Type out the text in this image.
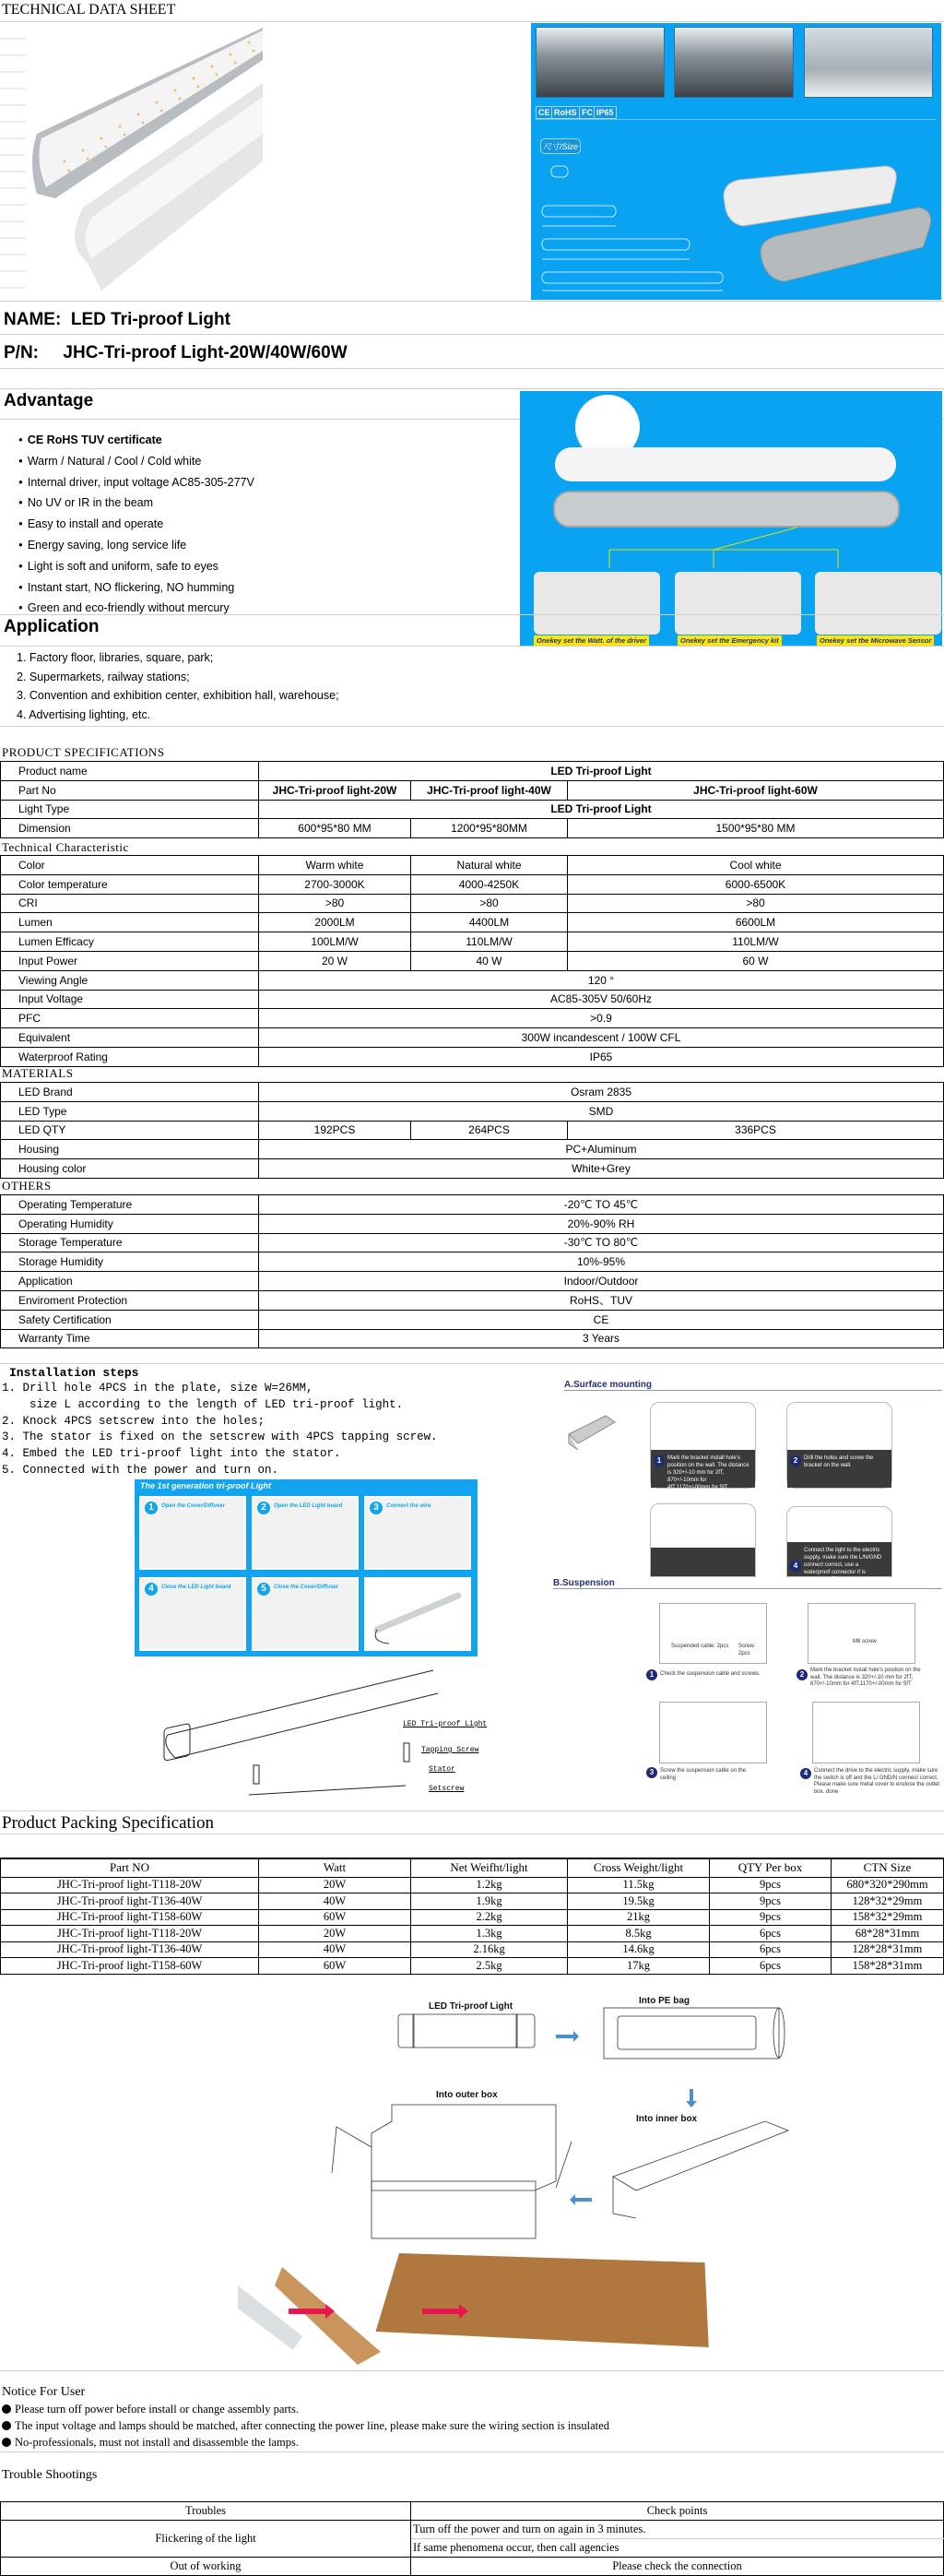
TECHNICAL DATA SHEET
CE RoHS FC IP65
尺寸/Size
NAME: LED Tri-proof Light
P/N: JHC-Tri-proof Light-20W/40W/60W
Advantage
● CE RoHS TUV certificate
● Warm / Natural / Cool / Cold white
● Internal driver, input voltage AC85-305-277V
● No UV or IR in the beam
● Easy to install and operate
● Energy saving, long service life
● Light is soft and uniform, safe to eyes
● Instant start, NO flickering, NO humming
● Green and eco-friendly without mercury
Onekey set the Watt. of the driver	Onekey set the Emergency kit	Onekey set the Microwave Sensor
Application
1. Factory floor, libraries, square, park;
2. Supermarkets, railway stations;
3. Convention and exhibition center, exhibition hall, warehouse;
4. Advertising lighting, etc.
PRODUCT SPECIFICATIONS
Product name	LED Tri-proof Light		
Part No	JHC-Tri-proof light-20W	JHC-Tri-proof light-40W	JHC-Tri-proof light-60W
Light Type	LED Tri-proof Light		
Dimension	600*95*80 MM	1200*95*80MM	1500*95*80 MM
Technical Characteristic
Color	Warm white	Natural white	Cool white
Color temperature	2700-3000K	4000-4250K	6000-6500K
CRI	>80	>80	>80
Lumen	2000LM	4400LM	6600LM
Lumen Efficacy	100LM/W	110LM/W	110LM/W
Input Power	20 W	40 W	60 W
Viewing Angle	120 °		
Input Voltage	AC85-305V 50/60Hz		
PFC	>0.9		
Equivalent	300W incandescent / 100W CFL		
Waterproof Rating	IP65		
MATERIALS
LED Brand	Osram 2835		
LED Type	SMD		
LED QTY	192PCS	264PCS	336PCS
Housing	PC+Aluminum		
Housing color	White+Grey		
OTHERS
Operating Temperature	-20℃ TO 45℃
Operating Humidity	20%-90% RH
Storage Temperature	-30℃ TO 80℃
Storage Humidity	10%-95%
Application	Indoor/Outdoor
Enviroment Protection	RoHS、TUV
Safety Certification	CE
Warranty Time	3 Years
Installation steps
1. Drill hole 4PCS in the plate, size W=26MM,
size L according to the length of LED tri-proof light.
2. Knock 4PCS setscrew into the holes;
3. The stator is fixed on the setscrew with 4PCS tapping screw.
4. Embed the LED tri-proof light into the stator.
5. Connected with the power and turn on.
The 1st generation tri-proof Light
1	Open the Cover/Diffuser	2	Open the LED Light board	3	Connect the wire
4	Close the LED Light board	5	Close the Cover/Diffuser
LED Tri-proof Light
Tapping Screw
Stator
Setscrew
A.Surface mounting
1	Mark the bracket install hole's position on the wall. The distance is 320+/-10 mm for 2fT, 870+/-10mm for 4fT,1170+/-00mm for 5fT
2	Drill the holes and screw the bracket on the wall.
4
Connect the light to the electric supply, make sure the L/N/GND connect correct, use a waterproof connector if is necessary. Please
B.Suspension
Suspended cable: 2pcs Screw: 2pcs
1	Check the suspension cable and screws.
M8 screw
2	Mark the bracket install hole's position on the wall. The distance is 320+/-10 mm for 2fT, 870+/-10mm for 4fT,1170+/-00mm for 5fT
3	Screw the suspension cable on the ceiling
4	Connect the drive to the electric supply, make sure the switch is off and the L/ GND/N connect correct. Please make sure metal cover to enclose the outlet box. done
Product Packing Specification
Part NO	Watt	Net Weifht/light	Cross Weight/light	QTY Per box	CTN Size
JHC-Tri-proof light-T118-20W	20W	1.2kg	11.5kg	9pcs	680*320*290mm
JHC-Tri-proof light-T136-40W	40W	1.9kg	19.5kg	9pcs	128*32*29mm
JHC-Tri-proof light-T158-60W	60W	2.2kg	21kg	9pcs	158*32*29mm
JHC-Tri-proof light-T118-20W	20W	1.3kg	8.5kg	6pcs	68*28*31mm
JHC-Tri-proof light-T136-40W	40W	2.16kg	14.6kg	6pcs	128*28*31mm
JHC-Tri-proof light-T158-60W	60W	2.5kg	17kg	6pcs	158*28*31mm
LED Tri-proof Light
Into PE bag
Into inner box
Into outer box
Notice For User
Please turn off power before install or change assembly parts.
The input voltage and lamps should be matched, after connecting the power line, please make sure the wiring section is insulated
No-professionals, must not install and disassemble the lamps.
Trouble Shootings
Troubles	Check points
Flickering of the light	Turn off the power and turn on again in 3 minutes.
	If same phenomena occur, then call agencies
Out of working	Please check the connection
